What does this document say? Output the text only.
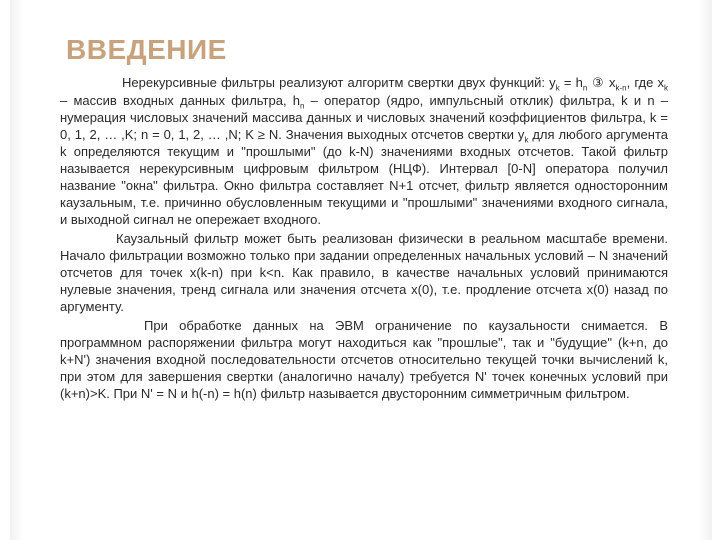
ВВЕДЕНИЕ

Нерекурсивные фильтры реализуют алгоритм свертки двух функций: $y_k = h_n$ ③ $x_{k-n}$, где $x_k$ – массив входных данных фильтра, $h_n$ – оператор (ядро, импульсный отклик) фильтра, k и n – нумерация числовых значений массива данных и числовых значений коэффициентов фильтра, k = 0, 1, 2, … ,K; n = 0, 1, 2, … ,N; K ≥ N. Значения выходных отсчетов свертки $y_k$ для любого аргумента k определяются текущим и "прошлыми" (до k-N) значениями входных отсчетов. Такой фильтр называется нерекурсивным цифровым фильтром (НЦФ). Интервал [0-N] оператора получил название "окна" фильтра. Окно фильтра составляет N+1 отсчет, фильтр является односторонним каузальным, т.е. причинно обусловленным текущими и "прошлыми" значениями входного сигнала, и выходной сигнал не опережает входного.

Каузальный фильтр может быть реализован физически в реальном масштабе времени. Начало фильтрации возможно только при задании определенных начальных условий – N значений отсчетов для точек x(k-n) при k<n. Как правило, в качестве начальных условий принимаются нулевые значения, тренд сигнала или значения отсчета x(0), т.е. продление отсчета x(0) назад по аргументу.

При обработке данных на ЭВМ ограничение по каузальности снимается. В программном распоряжении фильтра могут находиться как "прошлые", так и "будущие" (k+n, до k+N') значения входной последовательности отсчетов относительно текущей точки вычислений k, при этом для завершения свертки (аналогично началу) требуется N' точек конечных условий при (k+n)>K. При N' = N и h(-n) = h(n) фильтр называется двусторонним симметричным фильтром.
